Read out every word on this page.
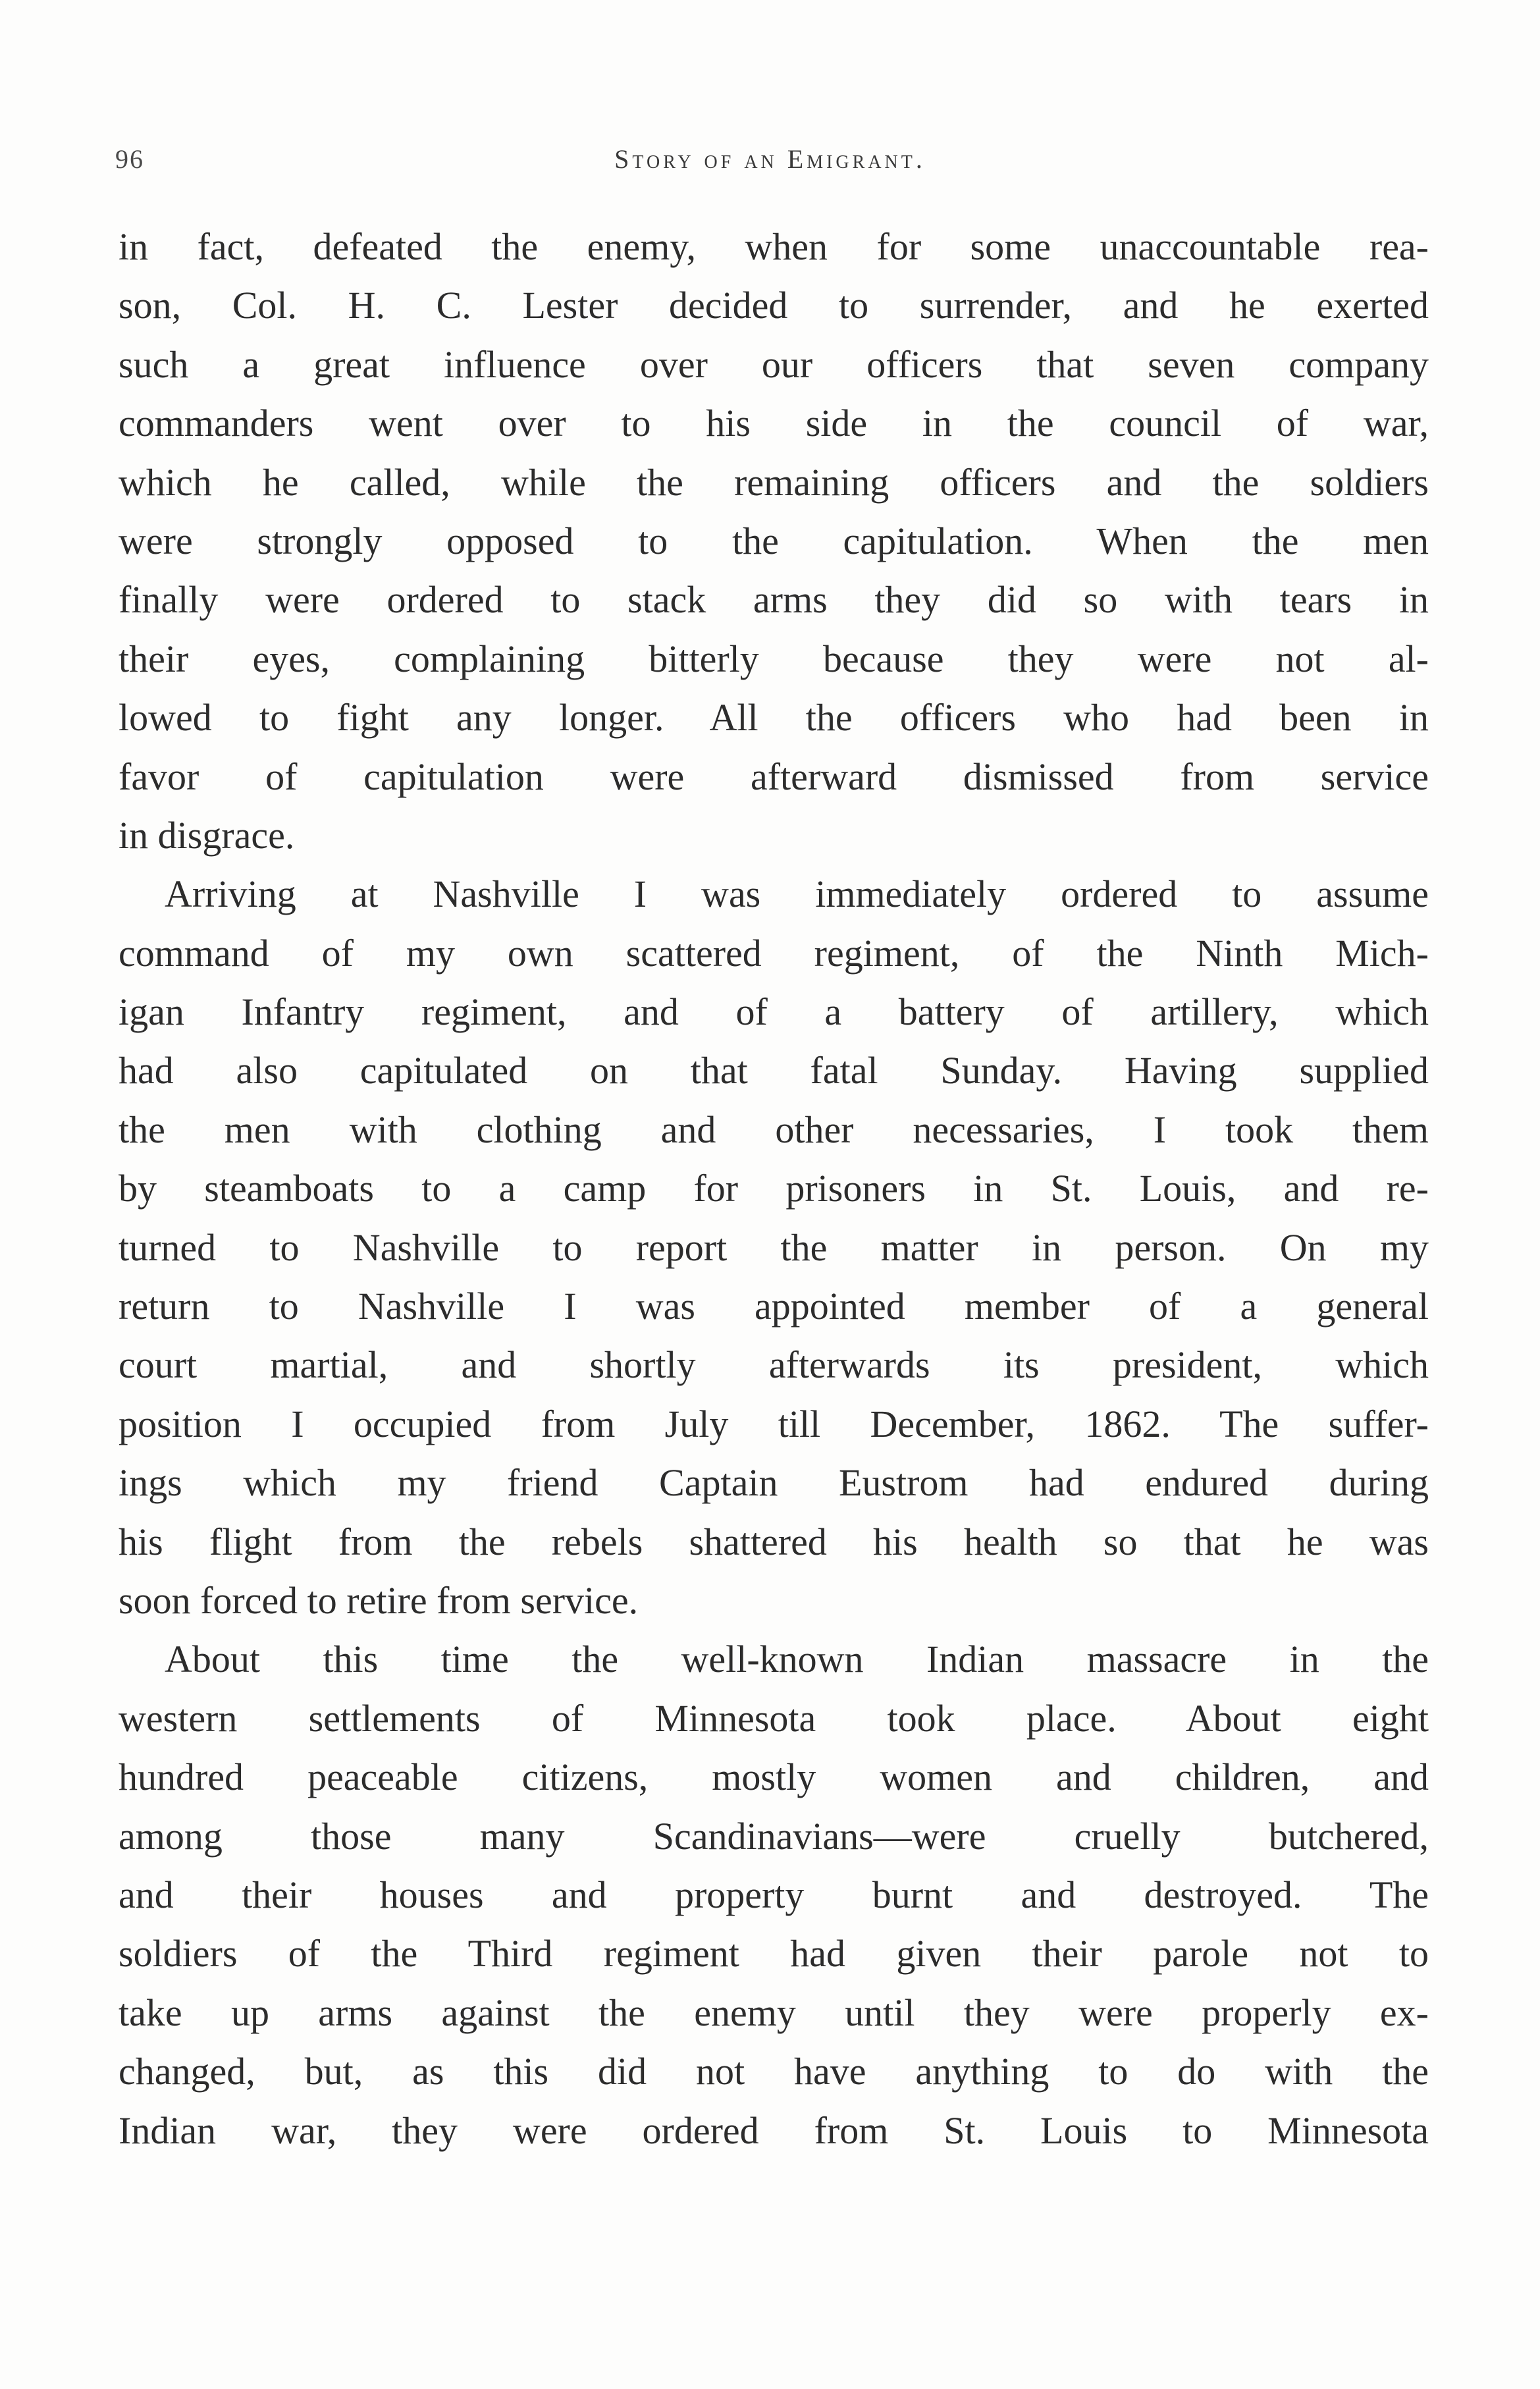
96	Story of an Emigrant.
in fact, defeated the enemy, when for some unaccountable rea-
son, Col. H. C. Lester decided to surrender, and he exerted
such a great influence over our officers that seven company
commanders went over to his side in the council of war,
which he called, while the remaining officers and the soldiers
were strongly opposed to the capitulation. When the men
finally were ordered to stack arms they did so with tears in
their eyes, complaining bitterly because they were not al-
lowed to fight any longer. All the officers who had been in
favor of capitulation were afterward dismissed from service
in disgrace.
Arriving at Nashville I was immediately ordered to assume
command of my own scattered regiment, of the Ninth Mich-
igan Infantry regiment, and of a battery of artillery, which
had also capitulated on that fatal Sunday. Having supplied
the men with clothing and other necessaries, I took them
by steamboats to a camp for prisoners in St. Louis, and re-
turned to Nashville to report the matter in person. On my
return to Nashville I was appointed member of a general
court martial, and shortly afterwards its president, which
position I occupied from July till December, 1862. The suffer-
ings which my friend Captain Eustrom had endured during
his flight from the rebels shattered his health so that he was
soon forced to retire from service.
About this time the well-known Indian massacre in the
western settlements of Minnesota took place. About eight
hundred peaceable citizens, mostly women and children, and
among those many Scandinavians—were cruelly butchered,
and their houses and property burnt and destroyed. The
soldiers of the Third regiment had given their parole not to
take up arms against the enemy until they were properly ex-
changed, but, as this did not have anything to do with the
Indian war, they were ordered from St. Louis to Minnesota
